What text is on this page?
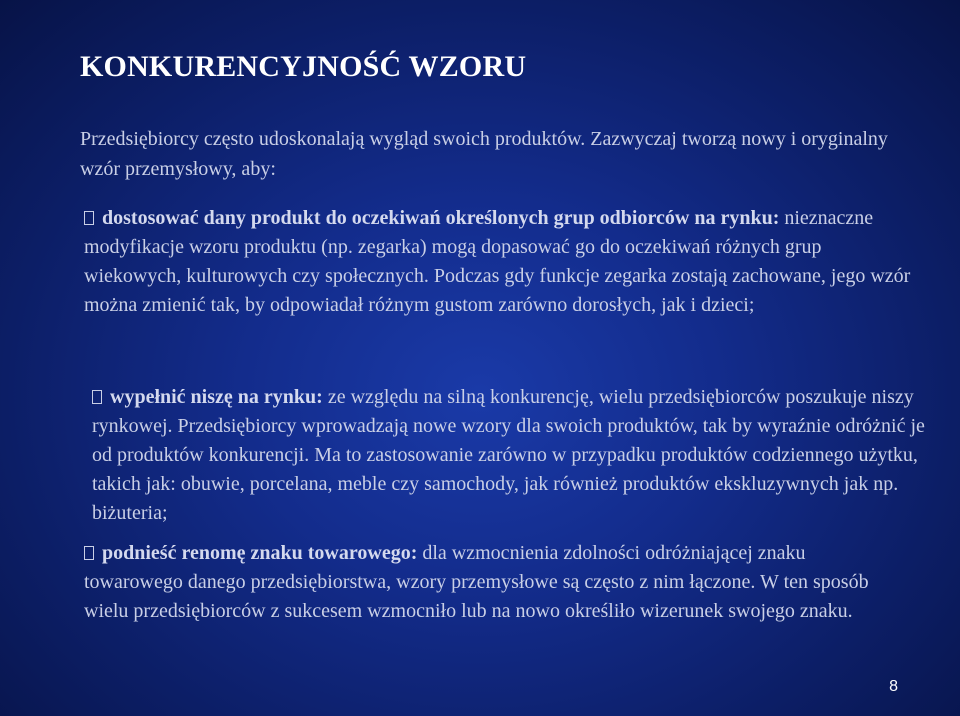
KONKURENCYJNOŚĆ WZORU
Przedsiębiorcy często udoskonalają wygląd swoich produktów. Zazwyczaj tworzą nowy i oryginalny wzór przemysłowy, aby:
dostosować dany produkt do oczekiwań określonych grup odbiorców na rynku: nieznaczne modyfikacje wzoru produktu (np. zegarka) mogą dopasować go do oczekiwań różnych grup wiekowych, kulturowych czy społecznych. Podczas gdy funkcje zegarka zostają zachowane, jego wzór można zmienić tak, by odpowiadał różnym gustom zarówno dorosłych, jak i dzieci;
wypełnić niszę na rynku: ze względu na silną konkurencję, wielu przedsiębiorców poszukuje niszy rynkowej. Przedsiębiorcy wprowadzają nowe wzory dla swoich produktów, tak by wyraźnie odróżnić je od produktów konkurencji. Ma to zastosowanie zarówno w przypadku produktów codziennego użytku, takich jak: obuwie, porcelana, meble czy samochody, jak również produktów ekskluzywnych jak np. biżuteria;
podnieść renomę znaku towarowego: dla wzmocnienia zdolności odróżniającej znaku towarowego danego przedsiębiorstwa, wzory przemysłowe są często z nim łączone. W ten sposób wielu przedsiębiorców z sukcesem wzmocniło lub na nowo określiło wizerunek swojego znaku.
8
